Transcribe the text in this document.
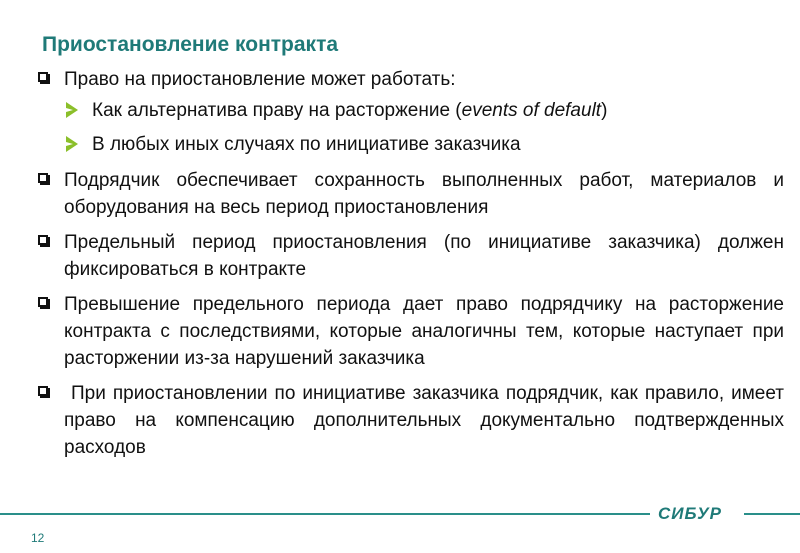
Приостановление контракта
Право на приостановление может работать:
Как альтернатива праву на расторжение (events of default)
В любых иных случаях по инициативе заказчика
Подрядчик обеспечивает сохранность выполненных работ, материалов и оборудования на весь период приостановления
Предельный период приостановления (по инициативе заказчика) должен фиксироваться в контракте
Превышение предельного периода дает право подрядчику на расторжение контракта с последствиями, которые аналогичны тем, которые наступает при расторжении из-за нарушений заказчика
При приостановлении по инициативе заказчика подрядчик, как правило, имеет право на компенсацию дополнительных документально подтвержденных расходов
СИБУР
12
